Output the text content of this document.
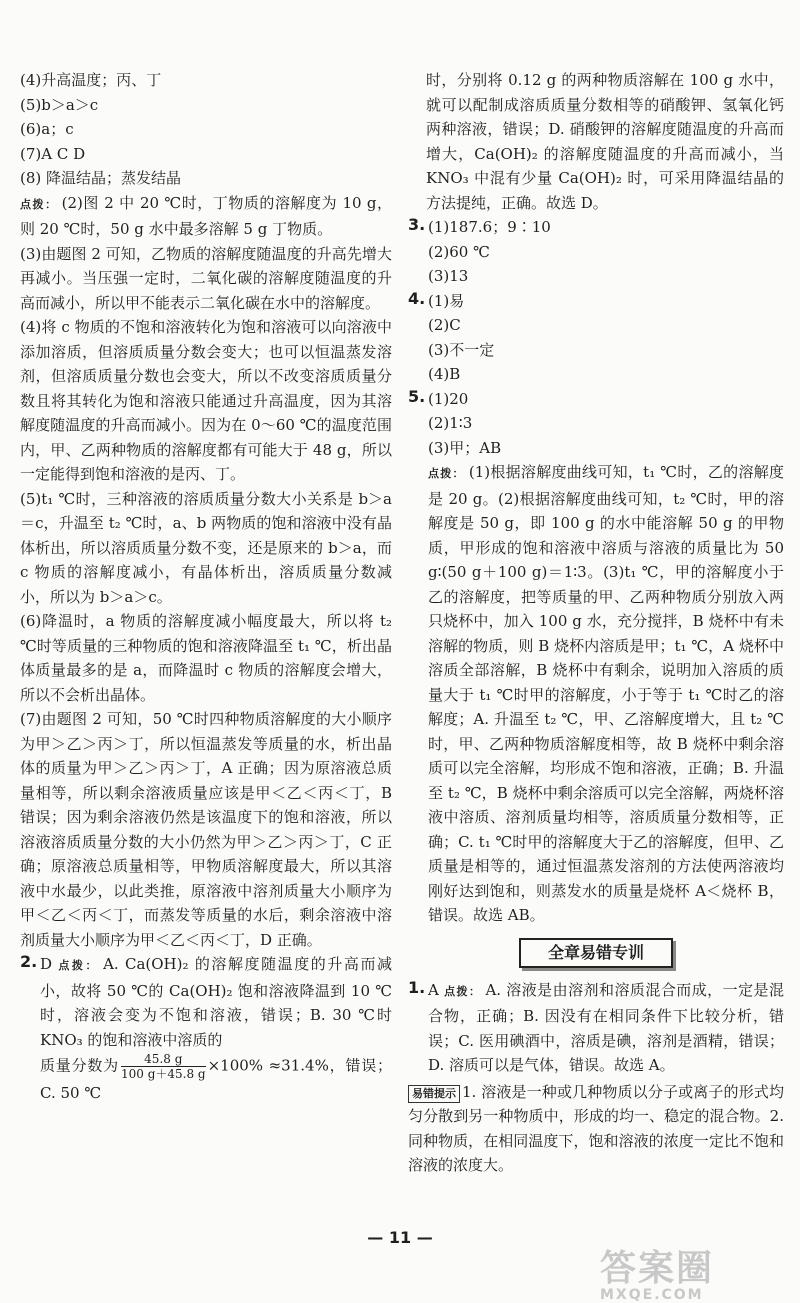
(4)升高温度；丙、丁
(5)b＞a＞c
(6)a；c
(7)A C D
(8) 降温结晶；蒸发结晶
点拨： (2)图 2 中 20 ℃时，丁物质的溶解度为 10 g，则 20 ℃时，50 g 水中最多溶解 5 g 丁物质。
(3)由题图 2 可知，乙物质的溶解度随温度的升高先增大再减小。当压强一定时，二氧化碳的溶解度随温度的升高而减小，所以甲不能表示二氧化碳在水中的溶解度。
(4)将 c 物质的不饱和溶液转化为饱和溶液可以向溶液中添加溶质，但溶质质量分数会变大；也可以恒温蒸发溶剂，但溶质质量分数也会变大，所以不改变溶质质量分数且将其转化为饱和溶液只能通过升高温度，因为其溶解度随温度的升高而减小。因为在 0～60 ℃的温度范围内，甲、乙两种物质的溶解度都有可能大于 48 g，所以一定能得到饱和溶液的是丙、丁。
(5)t₁ ℃时，三种溶液的溶质质量分数大小关系是 b＞a＝c，升温至 t₂ ℃时，a、b 两物质的饱和溶液中没有晶体析出，所以溶质质量分数不变，还是原来的 b＞a，而 c 物质的溶解度减小，有晶体析出，溶质质量分数减小，所以为 b＞a＞c。
(6)降温时，a 物质的溶解度减小幅度最大，所以将 t₂ ℃时等质量的三种物质的饱和溶液降温至 t₁ ℃，析出晶体质量最多的是 a，而降温时 c 物质的溶解度会增大，所以不会析出晶体。
(7)由题图 2 可知，50 ℃时四种物质溶解度的大小顺序为甲＞乙＞丙＞丁，所以恒温蒸发等质量的水，析出晶体的质量为甲＞乙＞丙＞丁，A 正确；因为原溶液总质量相等，所以剩余溶液质量应该是甲＜乙＜丙＜丁，B 错误；因为剩余溶液仍然是该温度下的饱和溶液，所以溶液溶质质量分数的大小仍然为甲＞乙＞丙＞丁，C 正确；原溶液总质量相等，甲物质溶解度最大，所以其溶液中水最少，以此类推，原溶液中溶剂质量大小顺序为甲＜乙＜丙＜丁，而蒸发等质量的水后，剩余溶液中溶剂质量大小顺序为甲＜乙＜丙＜丁，D 正确。
2. D 点拨： A. Ca(OH)₂ 的溶解度随温度的升高而减小，故将 50 ℃的 Ca(OH)₂ 饱和溶液降温到 10 ℃时，溶液会变为不饱和溶液，错误；B. 30 ℃时 KNO₃ 的饱和溶液中溶质的
质量分数为 $\frac{45.8 g}{100 g+45.8 g} \times 100\% \approx 31.4\%$，错误；C. 50 ℃
时，分别将 0.12 g 的两种物质溶解在 100 g 水中，就可以配制成溶质质量分数相等的硝酸钾、氢氧化钙两种溶液，错误；D. 硝酸钾的溶解度随温度的升高而增大，Ca(OH)₂ 的溶解度随温度的升高而减小，当 KNO₃ 中混有少量 Ca(OH)₂ 时，可采用降温结晶的方法提纯，正确。故选 D。
3. (1)187.6；9∶10
(2)60 ℃
(3)13
4. (1)易
(2)C
(3)不一定
(4)B
5. (1)20
(2)1∶3
(3)甲；AB
点拨： (1)根据溶解度曲线可知，t₁ ℃时，乙的溶解度是 20 g。(2)根据溶解度曲线可知，t₂ ℃时，甲的溶解度是 50 g，即 100 g 的水中能溶解 50 g 的甲物质，甲形成的饱和溶液中溶质与溶液的质量比为 50 g∶(50 g＋100 g)＝1∶3。(3)t₁ ℃，甲的溶解度小于乙的溶解度，把等质量的甲、乙两种物质分别放入两只烧杯中，加入 100 g 水，充分搅拌，B 烧杯中有未溶解的物质，则 B 烧杯内溶质是甲；t₁ ℃，A 烧杯中溶质全部溶解，B 烧杯中有剩余，说明加入溶质的质量大于 t₁ ℃时甲的溶解度，小于等于 t₁ ℃时乙的溶解度；A. 升温至 t₂ ℃，甲、乙溶解度增大，且 t₂ ℃时，甲、乙两种物质溶解度相等，故 B 烧杯中剩余溶质可以完全溶解，均形成不饱和溶液，正确；B. 升温至 t₂ ℃，B 烧杯中剩余溶质可以完全溶解，两烧杯溶液中溶质、溶剂质量均相等，溶质质量分数相等，正确；C. t₁ ℃时甲的溶解度大于乙的溶解度，但甲、乙质量是相等的，通过恒温蒸发溶剂的方法使两溶液均刚好达到饱和，则蒸发水的质量是烧杯 A＜烧杯 B，错误。故选 AB。
全章易错专训
1. A 点拨： A. 溶液是由溶剂和溶质混合而成，一定是混合物，正确；B. 因没有在相同条件下比较分析，错误；C. 医用碘酒中，溶质是碘，溶剂是酒精，错误；D. 溶质可以是气体，错误。故选 A。
易错提示 1. 溶液是一种或几种物质以分子或离子的形式均匀分散到另一种物质中，形成的均一、稳定的混合物。2. 同种物质，在相同温度下，饱和溶液的浓度一定比不饱和溶液的浓度大。
— 11 —
答案圈
MXQE.COM
